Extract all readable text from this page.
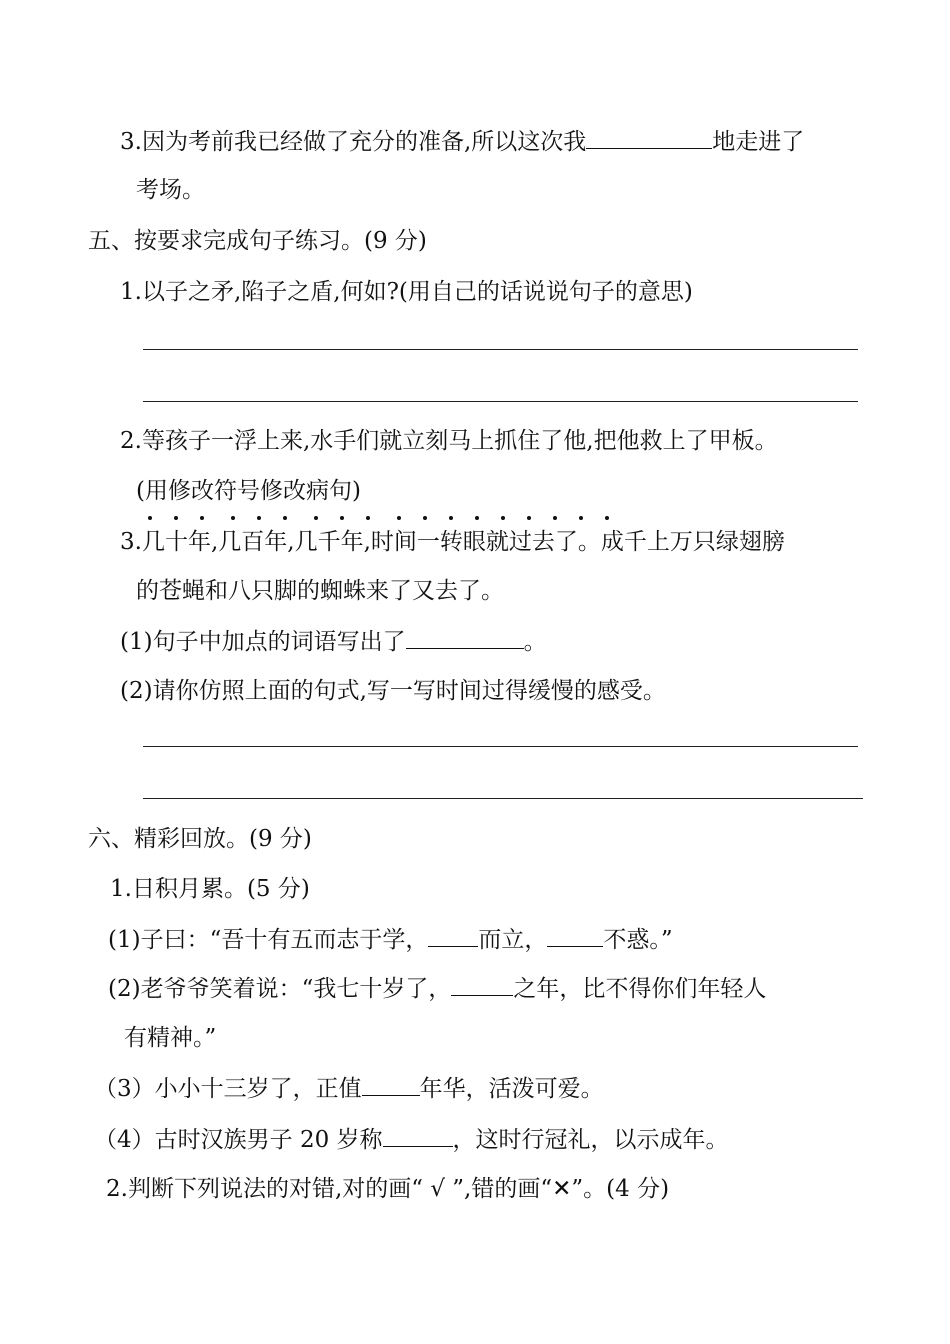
3.因为考前我已经做了充分的准备,所以这次我	地走进了
考场。
五、按要求完成句子练习。(9 分)
1.以子之矛,陷子之盾,何如?(用自己的话说说句子的意思)
2.等孩子一浮上来,水手们就立刻马上抓住了他,把他救上了甲板。
(用修改符号修改病句)
3.几十年,几百年,几千年,时间一转眼就过去了。成千上万只绿翅膀
的苍蝇和八只脚的蜘蛛来了又去了。
(1)句子中加点的词语写出了	。
(2)请你仿照上面的句式,写一写时间过得缓慢的感受。
六、精彩回放。(9 分)
1.日积月累。(5 分)
(1)子曰：“吾十有五而志于学， 而立， 不惑。”
(2)老爷爷笑着说：“我七十岁了，	之年，比不得你们年轻人
有精神。”
（3）小小十三岁了，正值	年华，活泼可爱。
（4）古时汉族男子 20 岁称	，这时行冠礼，以示成年。
2.判断下列说法的对错,对的画“ √ ”,错的画“✕”。(4 分)
